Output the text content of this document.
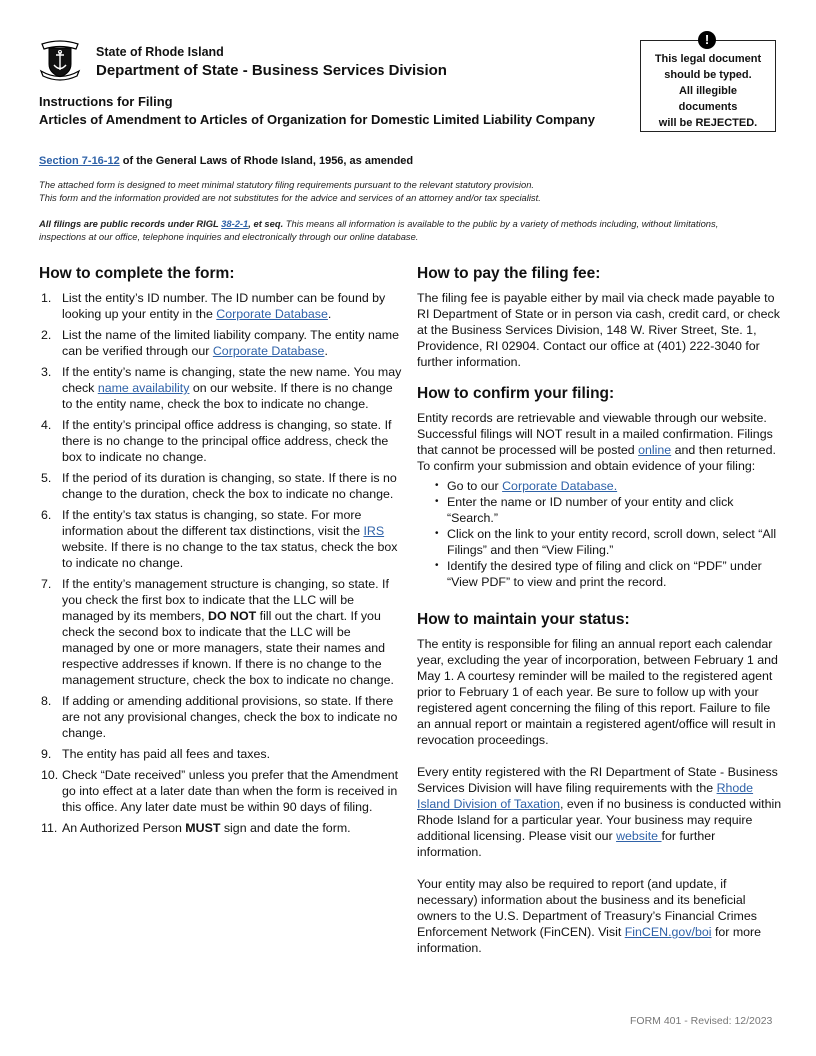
State of Rhode Island
Department of State - Business Services Division
!
This legal document
should be typed.
All illegible
documents
will be REJECTED.
Instructions for Filing
Articles of Amendment to Articles of Organization for Domestic Limited Liability Company
Section 7-16-12 of the General Laws of Rhode Island, 1956, as amended
The attached form is designed to meet minimal statutory filing requirements pursuant to the relevant statutory provision.
This form and the information provided are not substitutes for the advice and services of an attorney and/or tax specialist.
All filings are public records under RIGL 38-2-1, et seq. This means all information is available to the public by a variety of methods including, without limitations, inspections at our office, telephone inquiries and electronically through our online database.
How to complete the form:
1. List the entity’s ID number. The ID number can be found by looking up your entity in the Corporate Database.
2. List the name of the limited liability company. The entity name can be verified through our Corporate Database.
3. If the entity’s name is changing, state the new name. You may check name availability on our website. If there is no change to the entity name, check the box to indicate no change.
4. If the entity’s principal office address is changing, so state. If there is no change to the principal office address, check the box to indicate no change.
5. If the period of its duration is changing, so state. If there is no change to the duration, check the box to indicate no change.
6. If the entity’s tax status is changing, so state. For more information about the different tax distinctions, visit the IRS website. If there is no change to the tax status, check the box to indicate no change.
7. If the entity’s management structure is changing, so state. If you check the first box to indicate that the LLC will be managed by its members, DO NOT fill out the chart. If you check the second box to indicate that the LLC will be managed by one or more managers, state their names and respective addresses if known. If there is no change to the management structure, check the box to indicate no change.
8. If adding or amending additional provisions, so state. If there are not any provisional changes, check the box to indicate no change.
9. The entity has paid all fees and taxes.
10. Check “Date received” unless you prefer that the Amendment go into effect at a later date than when the form is received in this office. Any later date must be within 90 days of filing.
11. An Authorized Person MUST sign and date the form.
How to pay the filing fee:

The filing fee is payable either by mail via check made payable to RI Department of State or in person via cash, credit card, or check at the Business Services Division, 148 W. River Street, Ste. 1, Providence, RI 02904. Contact our office at (401) 222-3040 for further information.

How to confirm your filing:

Entity records are retrievable and viewable through our website. Successful filings will NOT result in a mailed confirmation. Filings that cannot be processed will be posted online and then returned. To confirm your submission and obtain evidence of your filing:

• Go to our Corporate Database.
• Enter the name or ID number of your entity and click “Search.”
• Click on the link to your entity record, scroll down, select “All Filings” and then “View Filing.”
• Identify the desired type of filing and click on “PDF” under “View PDF” to view and print the record.
How to maintain your status:

The entity is responsible for filing an annual report each calendar year, excluding the year of incorporation, between February 1 and May 1. A courtesy reminder will be mailed to the registered agent prior to February 1 of each year. Be sure to follow up with your registered agent concerning the filing of this report. Failure to file an annual report or maintain a registered agent/office will result in revocation proceedings.

Every entity registered with the RI Department of State - Business Services Division will have filing requirements with the Rhode Island Division of Taxation, even if no business is conducted within Rhode Island for a particular year. Your business may require additional licensing. Please visit our website for further information.

Your entity may also be required to report (and update, if necessary) information about the business and its beneficial owners to the U.S. Department of Treasury’s Financial Crimes Enforcement Network (FinCEN). Visit FinCEN.gov/boi for more information.

FORM 401 - Revised: 12/2023
